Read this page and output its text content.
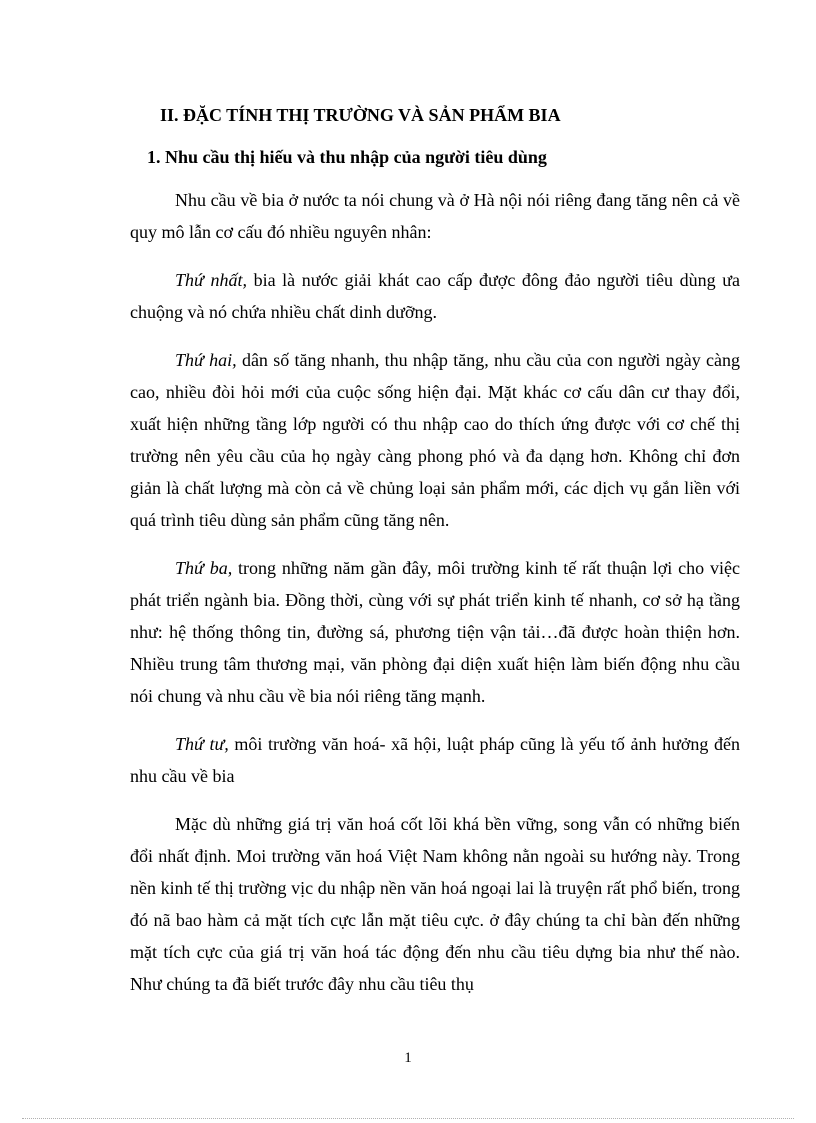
II. ĐẶC TÍNH THỊ TRƯỜNG VÀ SẢN PHẨM BIA
1. Nhu cầu thị hiếu và thu nhập của người tiêu dùng

Nhu cầu về bia ở nước ta nói chung và ở Hà nội nói riêng đang tăng nên cả về quy mô lẫn cơ cấu đó nhiều nguyên nhân:

Thứ nhất, bia là nước giải khát cao cấp được đông đảo người tiêu dùng ưa chuộng và nó chứa nhiều chất dinh dưỡng.

Thứ hai, dân số tăng nhanh, thu nhập tăng, nhu cầu của con người ngày càng cao, nhiều đòi hỏi mới của cuộc sống hiện đại. Mặt khác cơ cấu dân cư thay đổi, xuất hiện những tầng lớp người có thu nhập cao do thích ứng được với cơ chế thị trường nên yêu cầu của họ ngày càng phong phó và đa dạng hơn. Không chỉ đơn giản là chất lượng mà còn cả về chủng loại sản phẩm mới, các dịch vụ gắn liền với quá trình tiêu dùng sản phẩm cũng tăng nên.

Thứ ba, trong những năm gần đây, môi trường kinh tế rất thuận lợi cho việc phát triển ngành bia. Đồng thời, cùng với sự phát triển kinh tế nhanh, cơ sở hạ tầng như: hệ thống thông tin, đường sá, phương tiện vận tải…đã được hoàn thiện hơn. Nhiều trung tâm thương mại, văn phòng đại diện xuất hiện làm biến động nhu cầu nói chung và nhu cầu về bia nói riêng tăng mạnh.

Thứ tư, môi trường văn hoá- xã hội, luật pháp cũng là yếu tố ảnh hưởng đến nhu cầu về bia

Mặc dù những giá trị văn hoá cốt lõi khá bền vững, song vẫn có những biến đổi nhất định. Moi trường văn hoá Việt Nam không nằn ngoài su hướng này. Trong nền kinh tế thị trường vịc du nhập nền văn hoá ngoại lai là truyện rất phổ biến, trong đó nã bao hàm cả mặt tích cực lẫn mặt tiêu cực. ở đây chúng ta chỉ bàn đến những mặt tích cực của giá trị văn hoá tác động đến nhu cầu tiêu dựng bia như thế nào. Như chúng ta đã biết trước đây nhu cầu tiêu thụ

1
